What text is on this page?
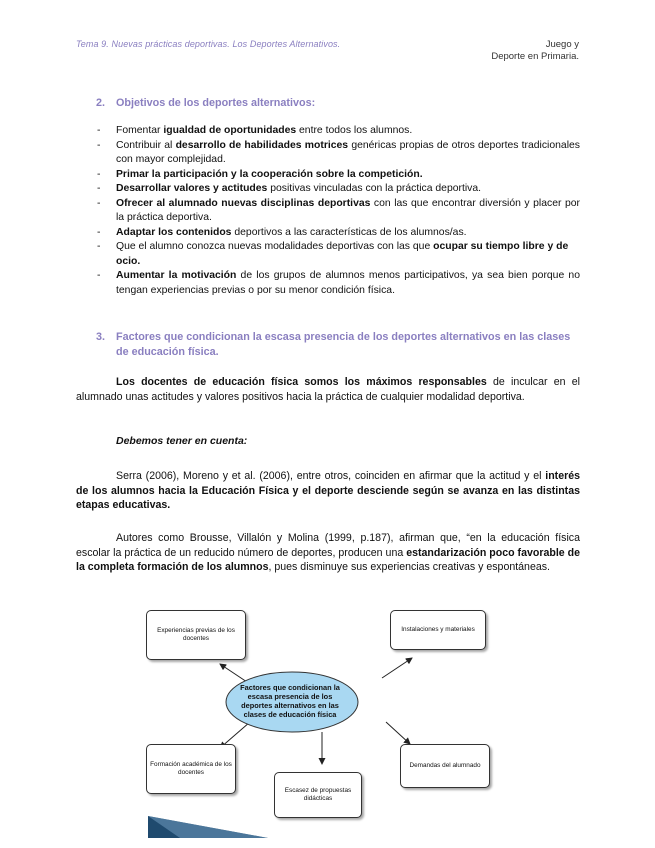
Tema 9. Nuevas prácticas deportivas. Los Deportes Alternativos.	Juego y
Deporte en Primaria.
2. Objetivos de los deportes alternativos:
- Fomentar igualdad de oportunidades entre todos los alumnos.
- Contribuir al desarrollo de habilidades motrices genéricas propias de otros deportes tradicionales con mayor complejidad.
- Primar la participación y la cooperación sobre la competición.
- Desarrollar valores y actitudes positivas vinculadas con la práctica deportiva.
- Ofrecer al alumnado nuevas disciplinas deportivas con las que encontrar diversión y placer por la práctica deportiva.
- Adaptar los contenidos deportivos a las características de los alumnos/as.
- Que el alumno conozca nuevas modalidades deportivas con las que ocupar su tiempo libre y de ocio.
- Aumentar la motivación de los grupos de alumnos menos participativos, ya sea bien porque no tengan experiencias previas o por su menor condición física.
3. Factores que condicionan la escasa presencia de los deportes alternativos en las clases de educación física.
Los docentes de educación física somos los máximos responsables de inculcar en el alumnado unas actitudes y valores positivos hacia la práctica de cualquier modalidad deportiva.
Debemos tener en cuenta:
Serra (2006), Moreno y et al. (2006), entre otros, coinciden en afirmar que la actitud y el interés de los alumnos hacia la Educación Física y el deporte desciende según se avanza en las distintas etapas educativas.
Autores como Brousse, Villalón y Molina (1999, p.187), afirman que, “en la educación física escolar la práctica de un reducido número de deportes, producen una estandarización poco favorable de la completa formación de los alumnos, pues disminuye sus experiencias creativas y espontáneas.
Factores que condicionan la escasa presencia de los deportes alternativos en las clases de educación física
Experiencias previas de los docentes
Instalaciones y materiales
Formación académica de los docentes
Escasez de propuestas didácticas
Demandas del alumnado
